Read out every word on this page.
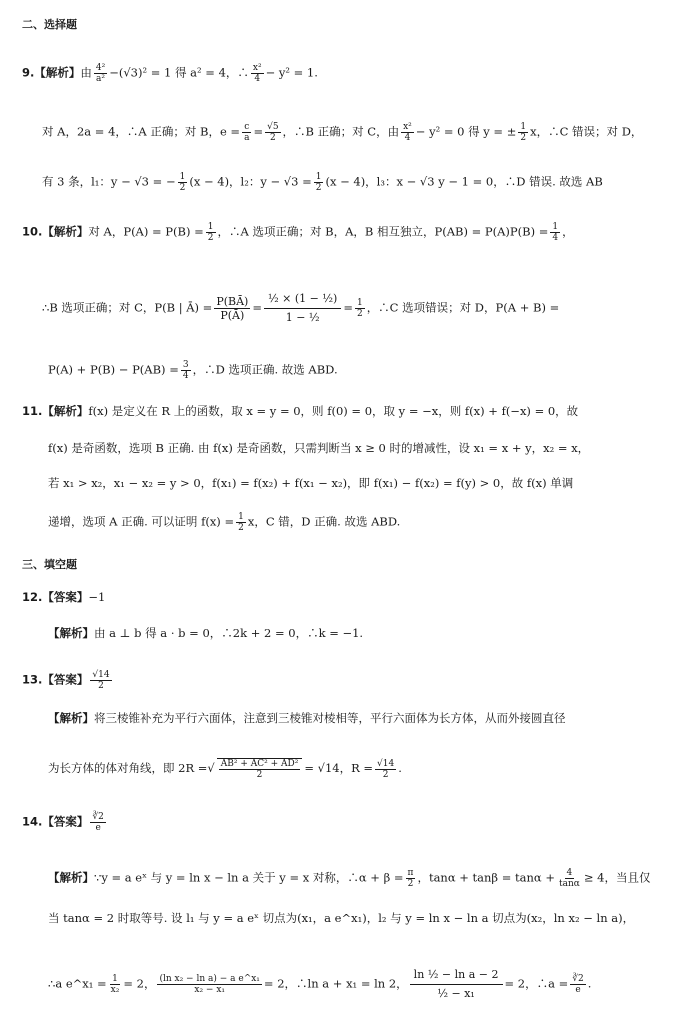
二、选择题
9.【解析】由 $\frac{\text{4²}}{\text{a²}} -(√3)^2 = 1$ 得 a² = 4，∴ $\frac{\text{x²}}{4} - y^2 = 1$.
对 A，2a = 4，∴A 正确；对 B，$e = \frac{c}{a} = \frac{√5}{2}$ ，∴B 正确；对 C，由 $\frac{\text{x²}}{4} - y^2 = 0$ 得 y = ± $\frac{1}{2}$ x，∴C 错误；对 D，
有 3 条，l₁：y − √3 = − $\frac{1}{2} (x - 4)$，l₂：$y - √3 = \frac{1}{2} (x - 4)$，l₃：x − √3 y − 1 = 0，∴D 错误. 故选 AB
10.【解析】对 A，$P(A) = P(B) = \frac{1}{2}$ ，∴A 选项正确；对 B，A，B 相互独立，$P(AB) = P(A)P(B) = \frac{1}{4}$ ，
∴B 选项正确；对 C，P(B | Ā) = $\frac{P(BĀ)}{P(Ā)} = \frac{\text{½ × (1 − ½)}}{\text{1 − ½}} = \frac{1}{2}$ ，∴C 选项错误；对 D，P(A + B) =
$P(A) + P(B) - P(AB) = \frac{3}{4}$ ，∴D 选项正确. 故选 ABD.
11.【解析】f(x) 是定义在 R 上的函数，取 x = y = 0，则 f(0) = 0，取 y = −x，则 f(x) + f(−x) = 0，故
f(x) 是奇函数，选项 B 正确. 由 f(x) 是奇函数，只需判断当 x ≥ 0 时的增减性，设 x₁ = x + y，x₂ = x，
若 x₁ > x₂，x₁ − x₂ = y > 0，f(x₁) = f(x₂) + f(x₁ − x₂)，即 f(x₁) − f(x₂) = f(y) > 0，故 f(x) 单调
递增，选项 A 正确. 可以证明 $f(x) = \frac{1}{2}$ x，C 错，D 正确. 故选 ABD.
三、填空题
12.【答案】−1
【解析】由 a ⊥ b 得 a · b = 0，∴2k + 2 = 0，∴k = −1.
13.【答案】 $\frac{√14}{2}$
【解析】将三棱锥补充为平行六面体，注意到三棱锥对棱相等，平行六面体为长方体，从而外接圆直径
为长方体的体对角线，即 2R =√ $\frac{\text{AB² + AC² + AD²}}{2} = √14$，$R = \frac{√14}{2}$ .
14.【答案】 $\frac{∛2}{e}$
【解析】∵y = a eˣ 与 y = ln x − ln a 关于 y = x 对称，∴α + $\beta = \frac{\pi}{2}$ ，$\tan\alpha + \tan\beta = \tan\alpha + \frac{4}{\tan\alpha} \ge 4$，当且仅
当 tanα = 2 时取等号. 设 l₁ 与 y = a eˣ 切点为(x₁，a e^x₁)，l₂ 与 y = ln x − ln a 切点为(x₂，ln x₂ − ln a)，
∴a e^x₁ = $\frac{1}{\text{x₂}} = 2$， $\frac{\text{(ln x₂ − ln a) − a e\textasciicircum{}x₁}}{\text{x₂ − x₁}} = 2$，∴ln a + x₁ = ln 2， $\frac{\text{ln ½ − ln a − 2}}{\text{½ − x₁}} = 2$，∴a = $\frac{∛2}{e}$ .
